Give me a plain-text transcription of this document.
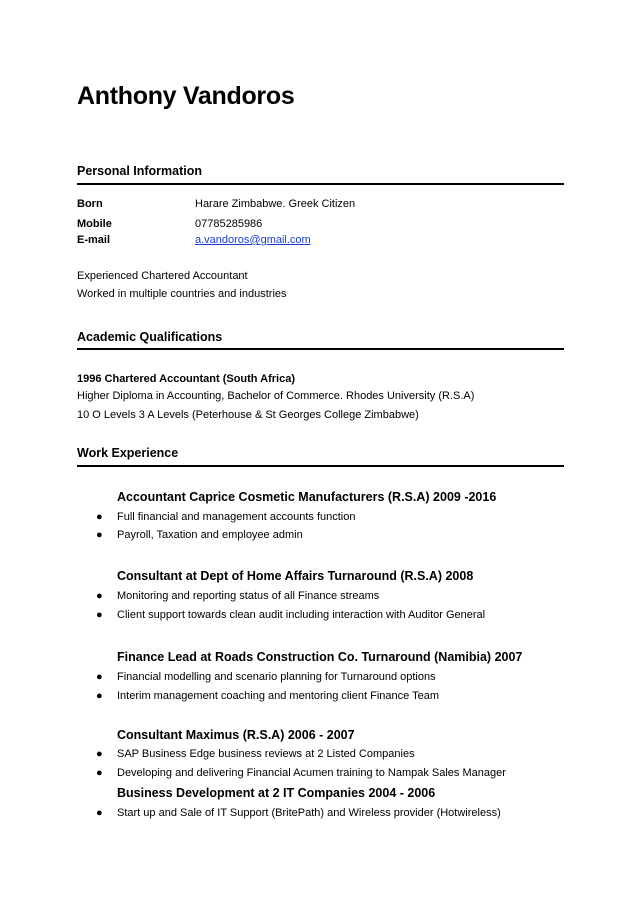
Anthony Vandoros
Personal Information
Born	Harare Zimbabwe. Greek Citizen
Mobile	07785285986
E-mail	a.vandoros@gmail.com
Experienced Chartered Accountant
Worked in multiple countries and industries
Academic Qualifications
1996 Chartered Accountant (South Africa)
Higher Diploma in Accounting, Bachelor of Commerce. Rhodes University (R.S.A)
10 O Levels 3 A Levels (Peterhouse & St Georges College Zimbabwe)
Work Experience
Accountant Caprice Cosmetic Manufacturers (R.S.A) 2009 -2016
● Full financial and management accounts function
● Payroll, Taxation and employee admin
Consultant at Dept of Home Affairs Turnaround (R.S.A) 2008
● Monitoring and reporting status of all Finance streams
● Client support towards clean audit including interaction with Auditor General
Finance Lead at Roads Construction Co. Turnaround (Namibia) 2007
● Financial modelling and scenario planning for Turnaround options
● Interim management coaching and mentoring client Finance Team
Consultant Maximus (R.S.A) 2006 - 2007
● SAP Business Edge business reviews at 2 Listed Companies
● Developing and delivering Financial Acumen training to Nampak Sales Manager
Business Development at 2 IT Companies 2004 - 2006
● Start up and Sale of IT Support (BritePath) and Wireless provider (Hotwireless)
